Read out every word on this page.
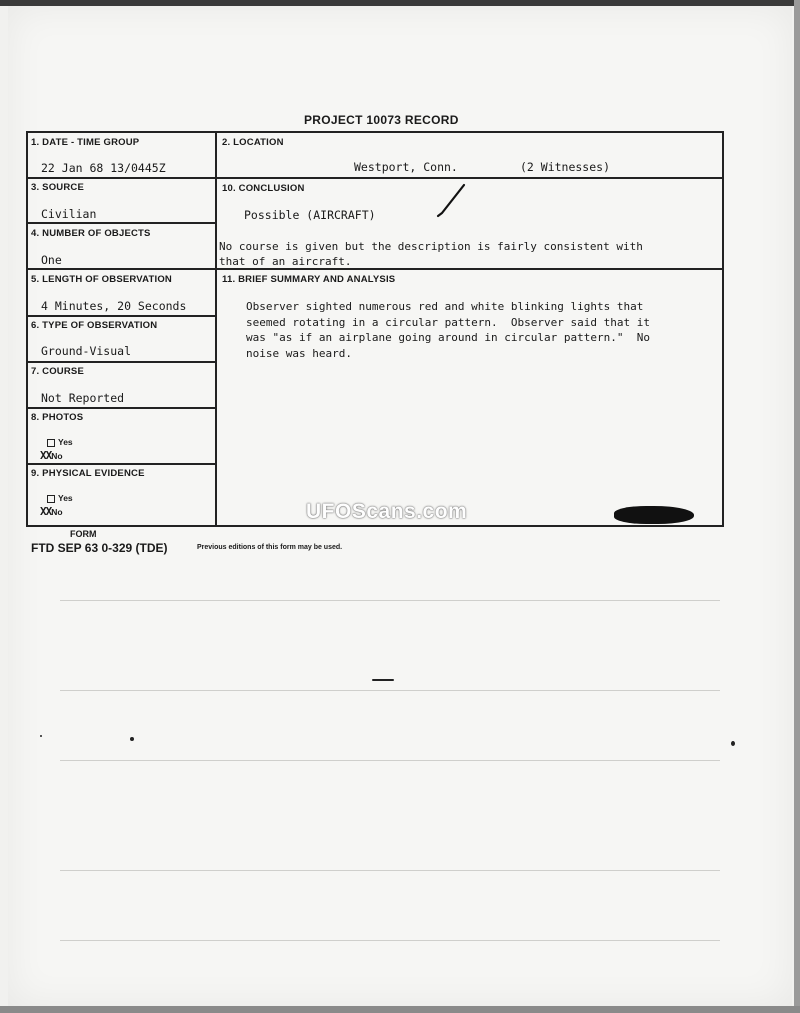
PROJECT 10073 RECORD
1. DATE - TIME GROUP
22 Jan 68 13/0445Z
3. SOURCE
Civilian
4. NUMBER OF OBJECTS
One
5. LENGTH OF OBSERVATION
4 Minutes, 20 Seconds
6. TYPE OF OBSERVATION
Ground-Visual
7. COURSE
Not Reported
8. PHOTOS
Yes
XXNo
9. PHYSICAL EVIDENCE
Yes
XXNo
2. LOCATION
Westport, Conn.	(2 Witnesses)
10. CONCLUSION
Possible (AIRCRAFT)
No course is given but the description is fairly consistent with
that of an aircraft.
11. BRIEF SUMMARY AND ANALYSIS
Observer sighted numerous red and white blinking lights that
seemed rotating in a circular pattern.  Observer said that it
was "as if an airplane going around in circular pattern."  No
noise was heard.
UFOScans.com
FORM
FTD SEP 63 0-329 (TDE)	Previous editions of this form may be used.
